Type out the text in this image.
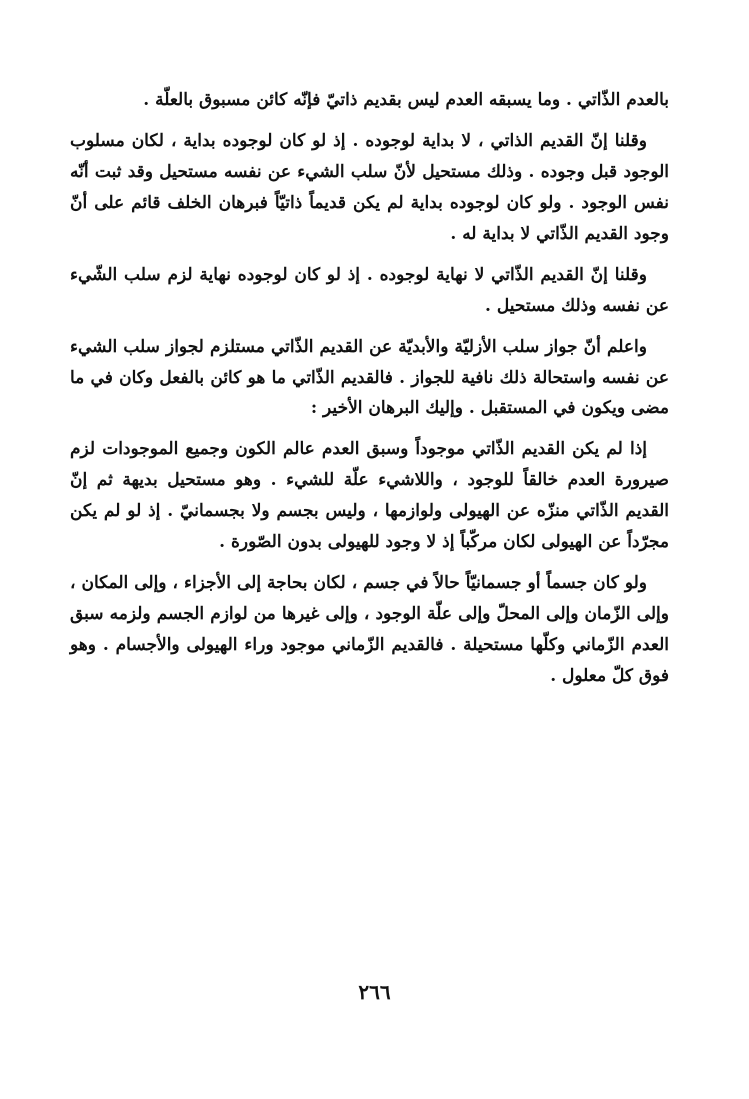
بالعدم الذّاتي . وما يسبقه العدم ليس بقديم ذاتيّ فإنّه كائن مسبوق بالعلّة .

وقلنا إنّ القديم الذاتي ، لا بداية لوجوده . إذ لو كان لوجوده بداية ، لكان مسلوب الوجود قبل وجوده . وذلك مستحيل لأنّ سلب الشيء عن نفسه مستحيل وقد ثبت أنّه نفس الوجود . ولو كان لوجوده بداية لم يكن قديماً ذاتيّاً فبرهان الخلف قائم على أنّ وجود القديم الذّاتي لا بداية له .

وقلنا إنّ القديم الذّاتي لا نهاية لوجوده . إذ لو كان لوجوده نهاية لزم سلب الشّيء عن نفسه وذلك مستحيل .

واعلم أنّ جواز سلب الأزليّة والأبديّة عن القديم الذّاتي مستلزم لجواز سلب الشيء عن نفسه واستحالة ذلك نافية للجواز . فالقديم الذّاتي ما هو كائن بالفعل وكان في ما مضى ويكون في المستقبل . وإليك البرهان الأخير :

إذا لم يكن القديم الذّاتي موجوداً وسبق العدم عالم الكون وجميع الموجودات لزم صيرورة العدم خالقاً للوجود ، واللاشيء علّة للشيء . وهو مستحيل بديهة ثم إنّ القديم الذّاتي منزّه عن الهيولى ولوازمها ، وليس بجسم ولا بجسمانيّ . إذ لو لم يكن مجرّداً عن الهيولى لكان مركّباً إذ لا وجود للهيولى بدون الصّورة .

ولو كان جسماً أو جسمانيّاً حالاً في جسم ، لكان بحاجة إلى الأجزاء ، وإلى المكان ، وإلى الزّمان وإلى المحلّ وإلى علّة الوجود ، وإلى غيرها من لوازم الجسم ولزمه سبق العدم الزّماني وكلّها مستحيلة . فالقديم الزّماني موجود وراء الهيولى والأجسام . وهو فوق كلّ معلول .

٢٦٦
